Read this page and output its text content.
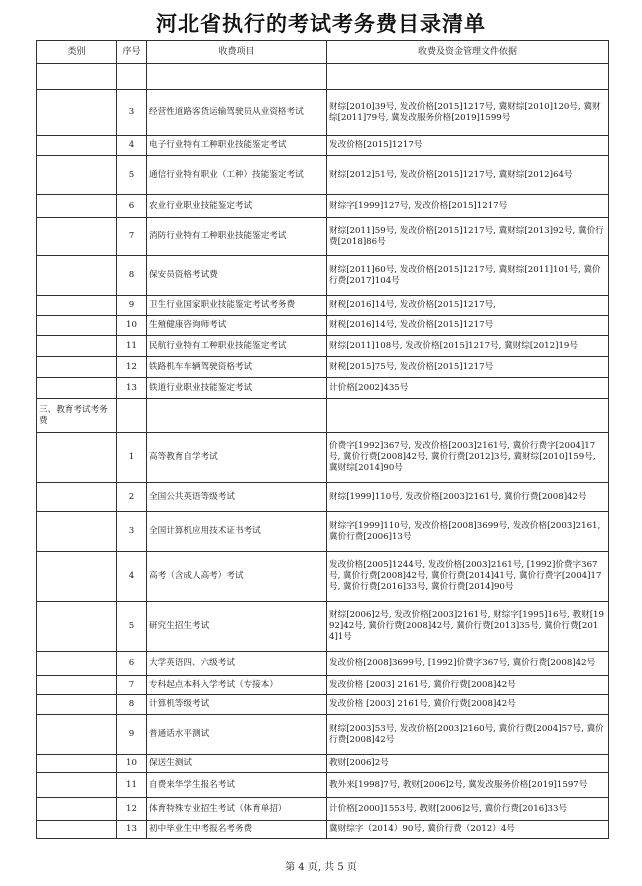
河北省执行的考试考务费目录清单
类别	序号	收费项目	收费及资金管理文件依据

	3	经营性道路客货运输驾驶员从业资格考试	财综[2010]39号, 发改价格[2015]1217号, 冀财综[2010]120号, 冀财综[2011]79号, 冀发改服务价格[2019]1599号
	4	电子行业特有工种职业技能鉴定考试	发改价格[2015]1217号
	5	通信行业特有职业（工种）技能鉴定考试	财综[2012]51号, 发改价格[2015]1217号, 冀财综[2012]64号
	6	农业行业职业技能鉴定考试	财综字[1999]127号, 发改价格[2015]1217号
	7	消防行业特有工种职业技能鉴定考试	财综[2011]59号, 发改价格[2015]1217号, 冀财综[2013]92号, 冀价行费[2018]86号
	8	保安员资格考试费	财综[2011]60号, 发改价格[2015]1217号, 冀财综[2011]101号, 冀价行费[2017]104号
	9	卫生行业国家职业技能鉴定考试考务费	财税[2016]14号, 发改价格[2015]1217号,
	10	生殖健康咨询师考试	财税[2016]14号, 发改价格[2015]1217号
	11	民航行业特有工种职业技能鉴定考试	财综[2011]108号, 发改价格[2015]1217号, 冀财综[2012]19号
	12	铁路机车车辆驾驶资格考试	财税[2015]75号, 发改价格[2015]1217号
	13	铁道行业职业技能鉴定考试	计价格[2002]435号
三、教育考试考务费			
	1	高等教育自学考试	价费字[1992]367号, 发改价格[2003]2161号, 冀价行费字[2004]17号, 冀价行费[2008]42号, 冀价行费[2012]3号, 冀财综[2010]159号, 冀财综[2014]90号
	2	全国公共英语等级考试	财综[1999]110号, 发改价格[2003]2161号, 冀价行费[2008]42号
	3	全国计算机应用技术证书考试	财综字[1999]110号, 发改价格[2008]3699号, 发改价格[2003]2161, 冀价行费[2006]13号
	4	高考（含成人高考）考试	发改价格[2005]1244号, 发改价格[2003]2161号, [1992]价费字367号, 冀价行费[2008]42号, 冀价行费[2014]41号, 冀价行费字[2004]17号, 冀价行费[2016]33号, 冀价行费[2014]90号
	5	研究生招生考试	财综[2006]2号, 发改价格[2003]2161号, 财综字[1995]16号, 教财[1992]42号, 冀价行费[2008]42号, 冀价行费[2013]35号, 冀价行费[2014]1号
	6	大学英语四、六级考试	发改价格[2008]3699号, [1992]价费字367号, 冀价行费[2008]42号
	7	专科起点本科入学考试（专接本）	发改价格 [2003] 2161号, 冀价行费[2008]42号
	8	计算机等级考试	发改价格 [2003] 2161号, 冀价行费[2008]42号
	9	普通话水平测试	财综[2003]53号, 发改价格[2003]2160号, 冀价行费[2004]57号, 冀价行费[2008]42号
	10	保送生测试	教财[2006]2号
	11	自费来华学生报名考试	教外来[1998]7号, 教财[2006]2号, 冀发改服务价格[2019]1597号
	12	体育特殊专业招生考试（体育单招）	计价格[2000]1553号, 教财[2006]2号, 冀价行费[2016]33号
	13	初中毕业生中考报名考务费	冀财综字（2014）90号, 冀价行费（2012）4号
第 4 页, 共 5 页
